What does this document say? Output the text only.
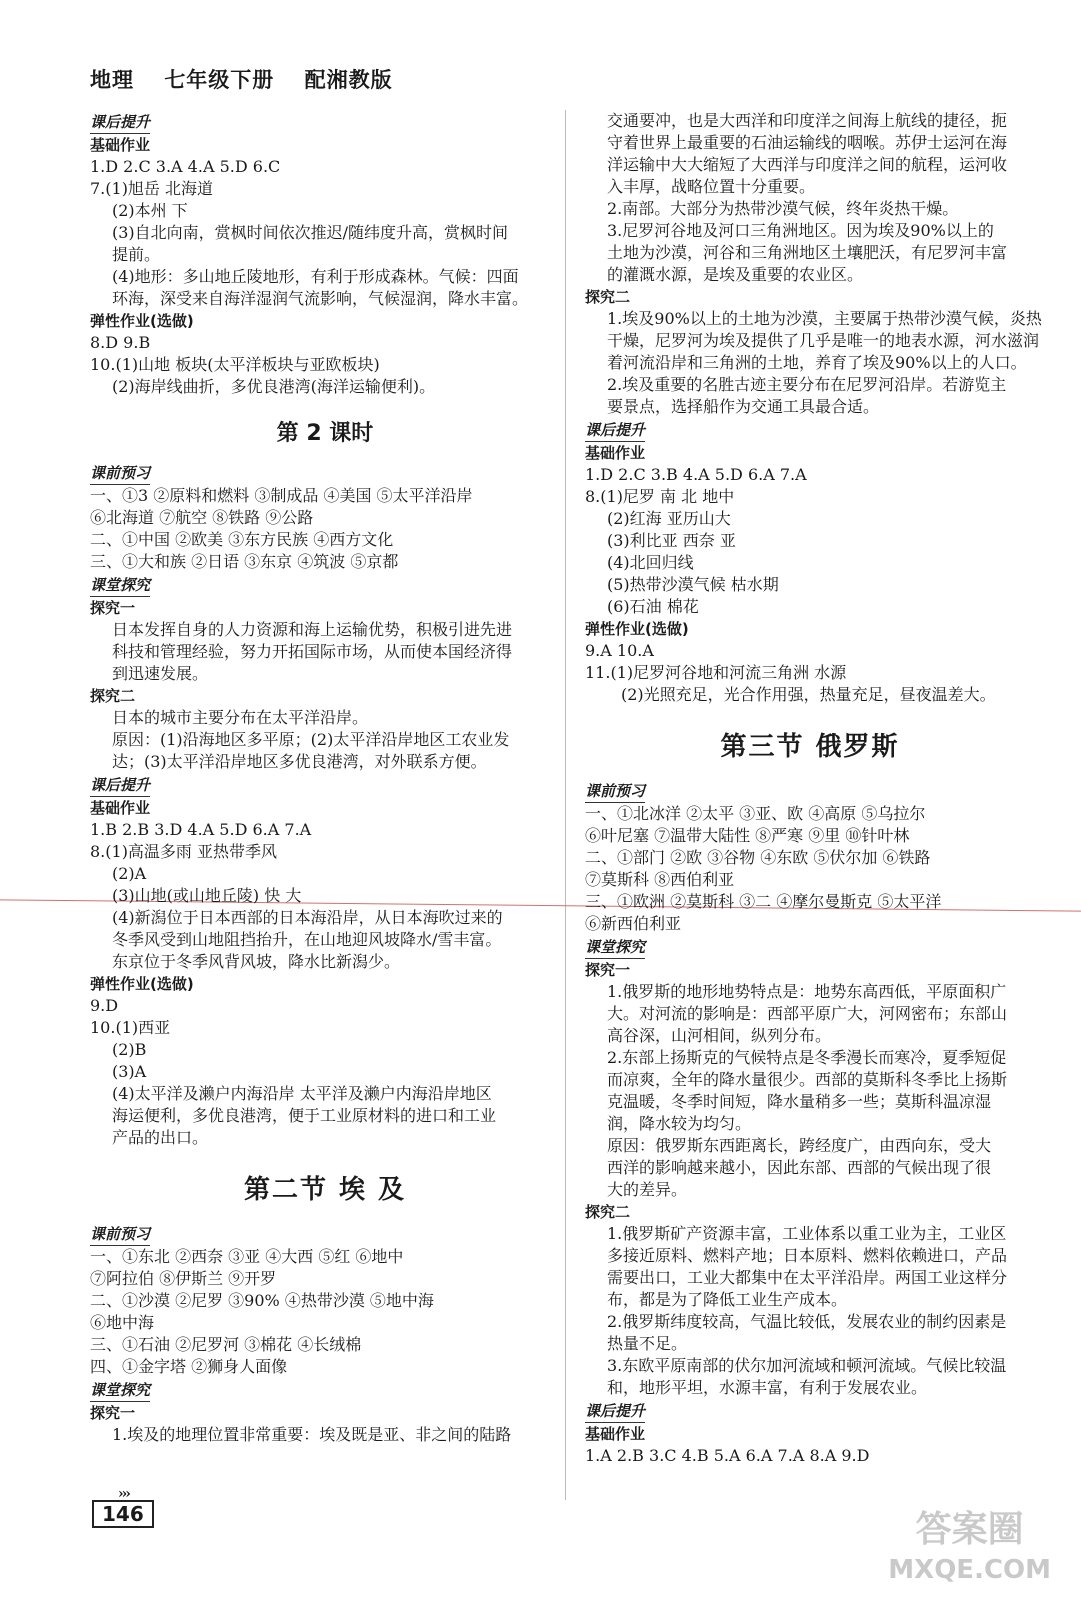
地理 七年级下册 配湘教版
课后提升
基础作业
1.D 2.C 3.A 4.A 5.D 6.C
7.(1)旭岳 北海道
(2)本州 下
(3)自北向南，赏枫时间依次推迟/随纬度升高，赏枫时间
提前。
(4)地形：多山地丘陵地形，有利于形成森林。气候：四面
环海，深受来自海洋湿润气流影响，气候湿润，降水丰富。
弹性作业(选做)
8.D 9.B
10.(1)山地 板块(太平洋板块与亚欧板块)
(2)海岸线曲折，多优良港湾(海洋运输便利)。
第 2 课时
课前预习
一、①3 ②原料和燃料 ③制成品 ④美国 ⑤太平洋沿岸
⑥北海道 ⑦航空 ⑧铁路 ⑨公路
二、①中国 ②欧美 ③东方民族 ④西方文化
三、①大和族 ②日语 ③东京 ④筑波 ⑤京都
课堂探究
探究一
日本发挥自身的人力资源和海上运输优势，积极引进先进
科技和管理经验，努力开拓国际市场，从而使本国经济得
到迅速发展。
探究二
日本的城市主要分布在太平洋沿岸。
原因：(1)沿海地区多平原；(2)太平洋沿岸地区工农业发
达；(3)太平洋沿岸地区多优良港湾，对外联系方便。
课后提升
基础作业
1.B 2.B 3.D 4.A 5.D 6.A 7.A
8.(1)高温多雨 亚热带季风
(2)A
(3)山地(或山地丘陵) 快 大
(4)新潟位于日本西部的日本海沿岸，从日本海吹过来的
冬季风受到山地阻挡抬升，在山地迎风坡降水/雪丰富。
东京位于冬季风背风坡，降水比新潟少。
弹性作业(选做)
9.D
10.(1)西亚
(2)B
(3)A
(4)太平洋及濑户内海沿岸 太平洋及濑户内海沿岸地区
海运便利，多优良港湾，便于工业原材料的进口和工业
产品的出口。
第二节 埃 及
课前预习
一、①东北 ②西奈 ③亚 ④大西 ⑤红 ⑥地中
⑦阿拉伯 ⑧伊斯兰 ⑨开罗
二、①沙漠 ②尼罗 ③90% ④热带沙漠 ⑤地中海
⑥地中海
三、①石油 ②尼罗河 ③棉花 ④长绒棉
四、①金字塔 ②狮身人面像
课堂探究
探究一
1.埃及的地理位置非常重要：埃及既是亚、非之间的陆路
交通要冲，也是大西洋和印度洋之间海上航线的捷径，扼
守着世界上最重要的石油运输线的咽喉。苏伊士运河在海
洋运输中大大缩短了大西洋与印度洋之间的航程，运河收
入丰厚，战略位置十分重要。
2.南部。大部分为热带沙漠气候，终年炎热干燥。
3.尼罗河谷地及河口三角洲地区。因为埃及90%以上的
土地为沙漠，河谷和三角洲地区土壤肥沃，有尼罗河丰富
的灌溉水源，是埃及重要的农业区。
探究二
1.埃及90%以上的土地为沙漠，主要属于热带沙漠气候，炎热
干燥，尼罗河为埃及提供了几乎是唯一的地表水源，河水滋润
着河流沿岸和三角洲的土地，养育了埃及90%以上的人口。
2.埃及重要的名胜古迹主要分布在尼罗河沿岸。若游览主
要景点，选择船作为交通工具最合适。
课后提升
基础作业
1.D 2.C 3.B 4.A 5.D 6.A 7.A
8.(1)尼罗 南 北 地中
(2)红海 亚历山大
(3)利比亚 西奈 亚
(4)北回归线
(5)热带沙漠气候 枯水期
(6)石油 棉花
弹性作业(选做)
9.A 10.A
11.(1)尼罗河谷地和河流三角洲 水源
(2)光照充足，光合作用强，热量充足，昼夜温差大。
第三节 俄罗斯
课前预习
一、①北冰洋 ②太平 ③亚、欧 ④高原 ⑤乌拉尔
⑥叶尼塞 ⑦温带大陆性 ⑧严寒 ⑨里 ⑩针叶林
二、①部门 ②欧 ③谷物 ④东欧 ⑤伏尔加 ⑥铁路
⑦莫斯科 ⑧西伯利亚
三、①欧洲 ②莫斯科 ③二 ④摩尔曼斯克 ⑤太平洋
⑥新西伯利亚
课堂探究
探究一
1.俄罗斯的地形地势特点是：地势东高西低，平原面积广
大。对河流的影响是：西部平原广大，河网密布；东部山
高谷深，山河相间，纵列分布。
2.东部上扬斯克的气候特点是冬季漫长而寒冷，夏季短促
而凉爽，全年的降水量很少。西部的莫斯科冬季比上扬斯
克温暖，冬季时间短，降水量稍多一些；莫斯科温凉湿
润，降水较为均匀。
原因：俄罗斯东西距离长，跨经度广，由西向东，受大
西洋的影响越来越小，因此东部、西部的气候出现了很
大的差异。
探究二
1.俄罗斯矿产资源丰富，工业体系以重工业为主，工业区
多接近原料、燃料产地；日本原料、燃料依赖进口，产品
需要出口，工业大都集中在太平洋沿岸。两国工业这样分
布，都是为了降低工业生产成本。
2.俄罗斯纬度较高，气温比较低，发展农业的制约因素是
热量不足。
3.东欧平原南部的伏尔加河流域和顿河流域。气候比较温
和，地形平坦，水源丰富，有利于发展农业。
课后提升
基础作业
1.A 2.B 3.C 4.B 5.A 6.A 7.A 8.A 9.D
›››
146	答案圈
MXQE.COM
